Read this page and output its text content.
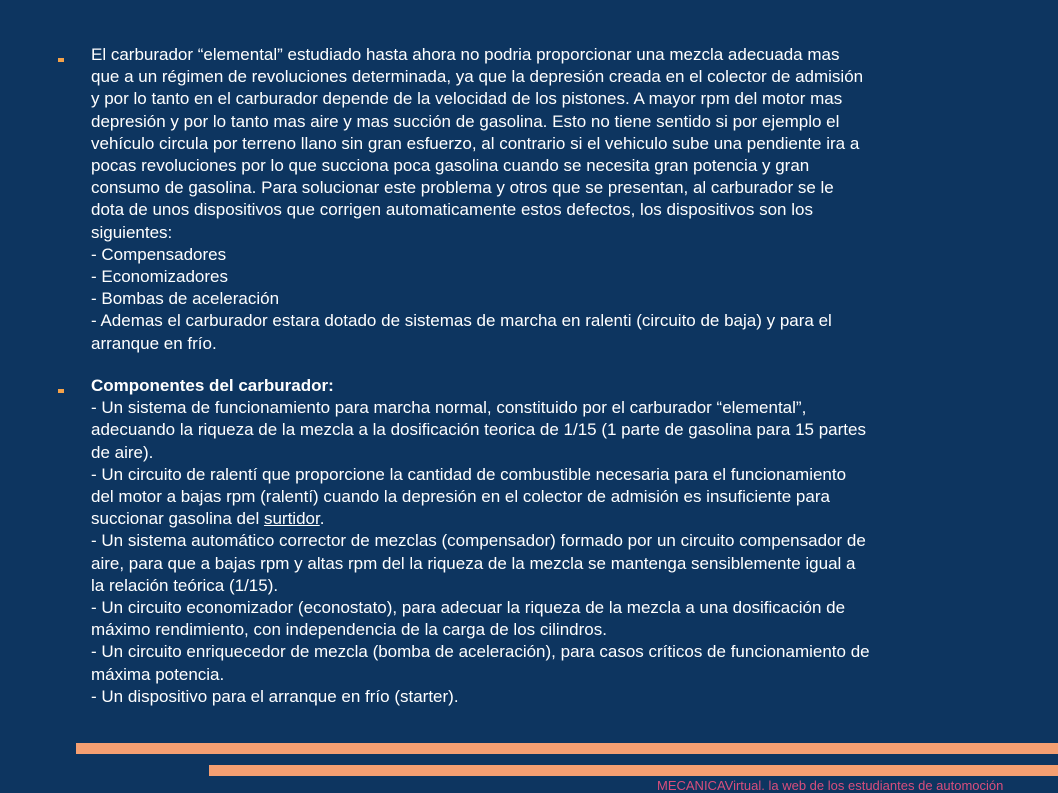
El carburador “elemental” estudiado hasta ahora no podria proporcionar una mezcla adecuada mas
que a un régimen de revoluciones determinada, ya que la depresión creada en el colector de admisión
y por lo tanto en el carburador depende de la velocidad de los pistones. A mayor rpm del motor mas
depresión y por lo tanto mas aire y mas succión de gasolina. Esto no tiene sentido si por ejemplo el
vehículo circula por terreno llano sin gran esfuerzo, al contrario si el vehiculo sube una pendiente ira a
pocas revoluciones por lo que succiona poca gasolina cuando se necesita gran potencia y gran
consumo de gasolina. Para solucionar este problema y otros que se presentan, al carburador se le
dota de unos dispositivos que corrigen automaticamente estos defectos, los dispositivos son los
siguientes:
- Compensadores
- Economizadores
- Bombas de aceleración
- Ademas el carburador estara dotado de sistemas de marcha en ralenti (circuito de baja) y para el
arranque en frío.
Componentes del carburador:
- Un sistema de funcionamiento para marcha normal, constituido por el carburador “elemental”,
adecuando la riqueza de la mezcla a la dosificación teorica de 1/15 (1 parte de gasolina para 15 partes
de aire).
- Un circuito de ralentí que proporcione la cantidad de combustible necesaria para el funcionamiento
del motor a bajas rpm (ralentí) cuando la depresión en el colector de admisión es insuficiente para
succionar gasolina del surtidor.
- Un sistema automático corrector de mezclas (compensador) formado por un circuito compensador de
aire, para que a bajas rpm y altas rpm del la riqueza de la mezcla se mantenga sensiblemente igual a
la relación teórica (1/15).
- Un circuito economizador (econostato), para adecuar la riqueza de la mezcla a una dosificación de
máximo rendimiento, con independencia de la carga de los cilindros.
- Un circuito enriquecedor de mezcla (bomba de aceleración), para casos críticos de funcionamiento de
máxima potencia.
- Un dispositivo para el arranque en frío (starter).
MECANICAVirtual. la web de los estudiantes de automoción
